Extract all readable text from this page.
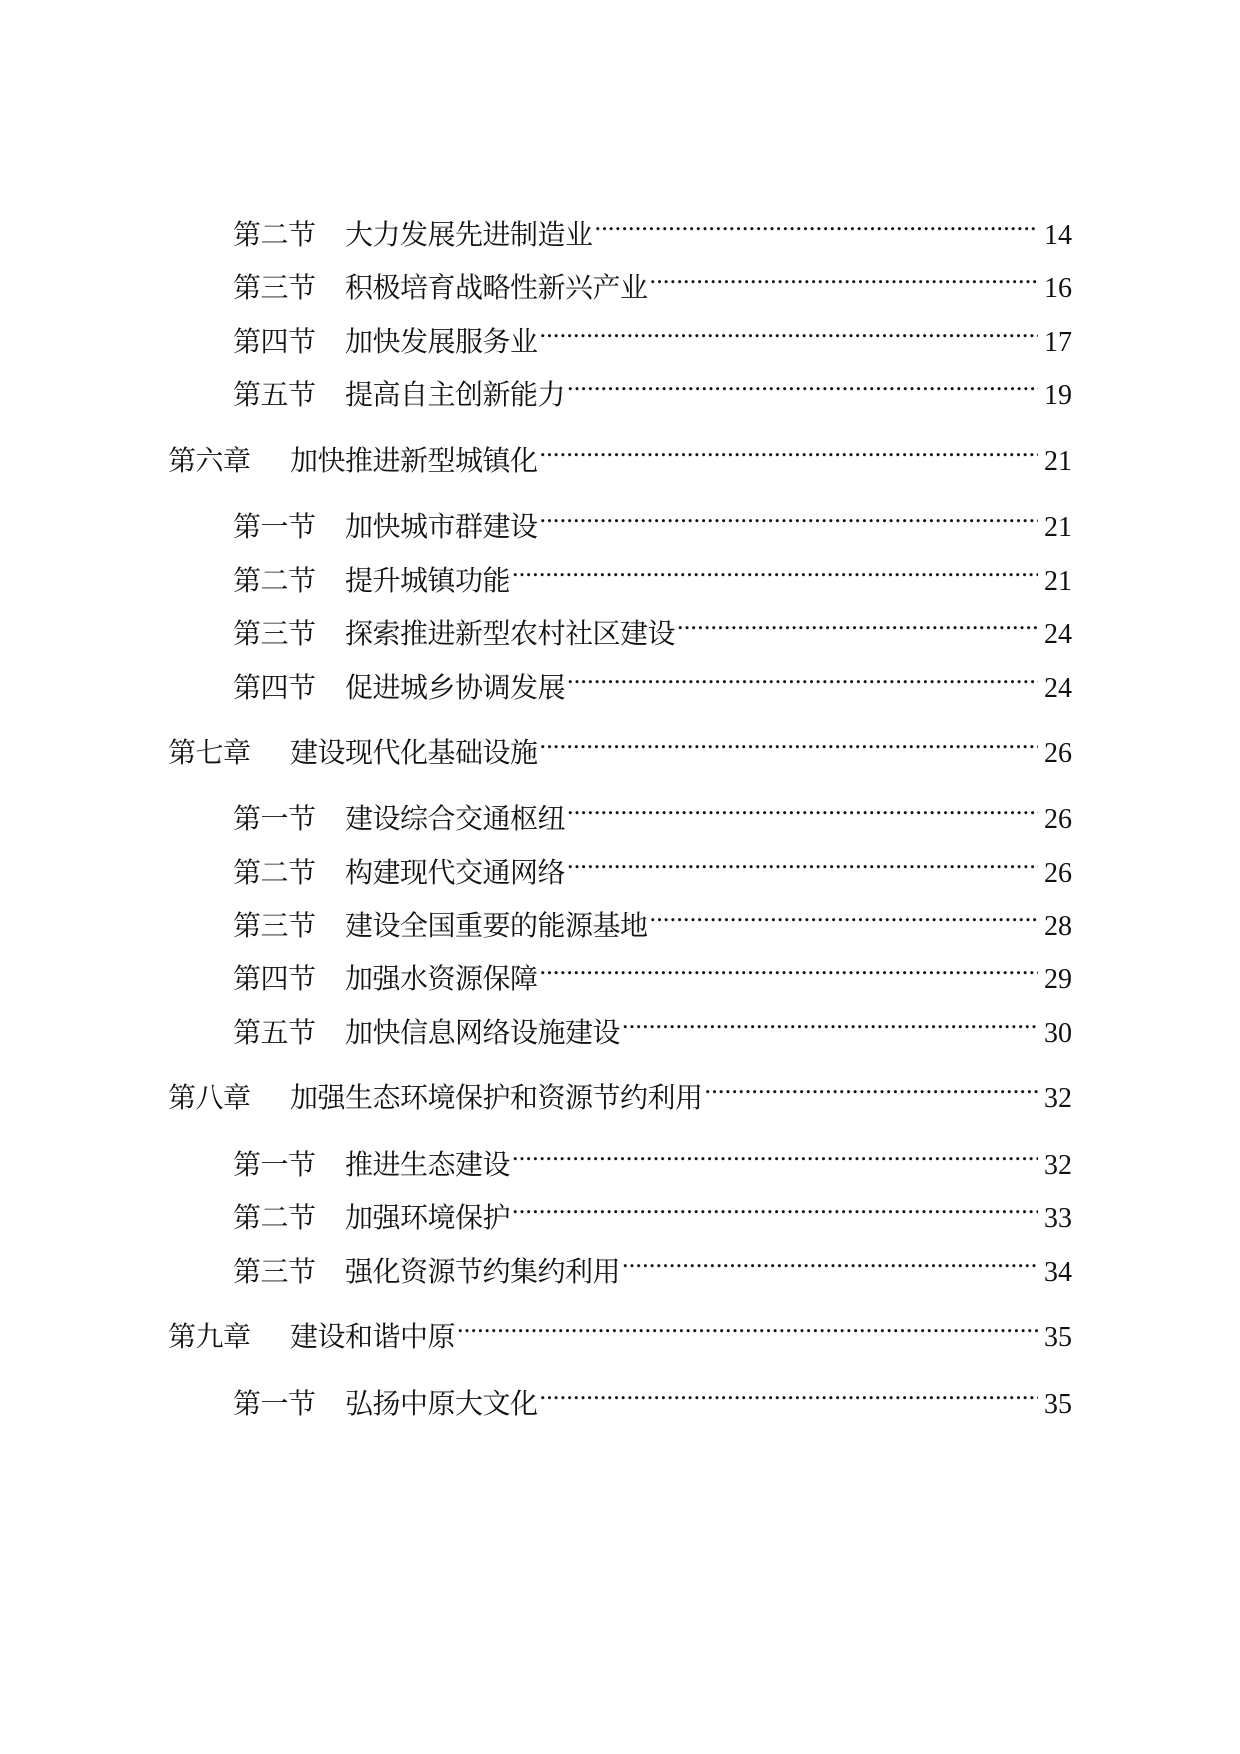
第二节	大力发展先进制造业 .....	14
第三节	积极培育战略性新兴产业 .....	16
第四节	加快发展服务业 .....	17
第五节	提高自主创新能力 .....	19
第六章	加快推进新型城镇化 .....	21
第一节	加快城市群建设 .....	21
第二节	提升城镇功能 .....	21
第三节	探索推进新型农村社区建设 .....	24
第四节	促进城乡协调发展 .....	24
第七章	建设现代化基础设施 .....	26
第一节	建设综合交通枢纽 .....	26
第二节	构建现代交通网络 .....	26
第三节	建设全国重要的能源基地 .....	28
第四节	加强水资源保障 .....	29
第五节	加快信息网络设施建设 .....	30
第八章	加强生态环境保护和资源节约利用 .....	32
第一节	推进生态建设 .....	32
第二节	加强环境保护 .....	33
第三节	强化资源节约集约利用 .....	34
第九章	建设和谐中原 .....	35
第一节	弘扬中原大文化 .....	35
